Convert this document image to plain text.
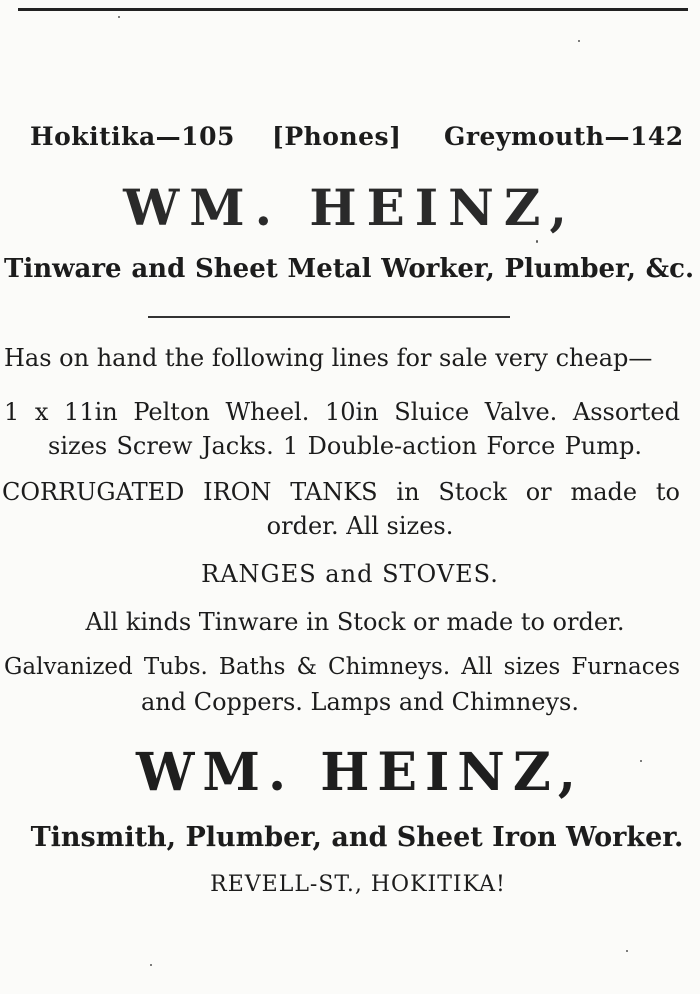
Hokitika—105 [Phones] Greymouth—142
WM. HEINZ,
Tinware and Sheet Metal Worker, Plumber, &c.
Has on hand the following lines for sale very cheap—
1 x 11in Pelton Wheel. 10in Sluice Valve. Assorted
sizes Screw Jacks. 1 Double-action Force Pump.
CORRUGATED IRON TANKS in Stock or made to
order. All sizes.
RANGES and STOVES.
All kinds Tinware in Stock or made to order.
Galvanized Tubs. Baths & Chimneys. All sizes Furnaces
and Coppers. Lamps and Chimneys.
WM. HEINZ,
Tinsmith, Plumber, and Sheet Iron Worker.
REVELL-ST., HOKITIKA!
